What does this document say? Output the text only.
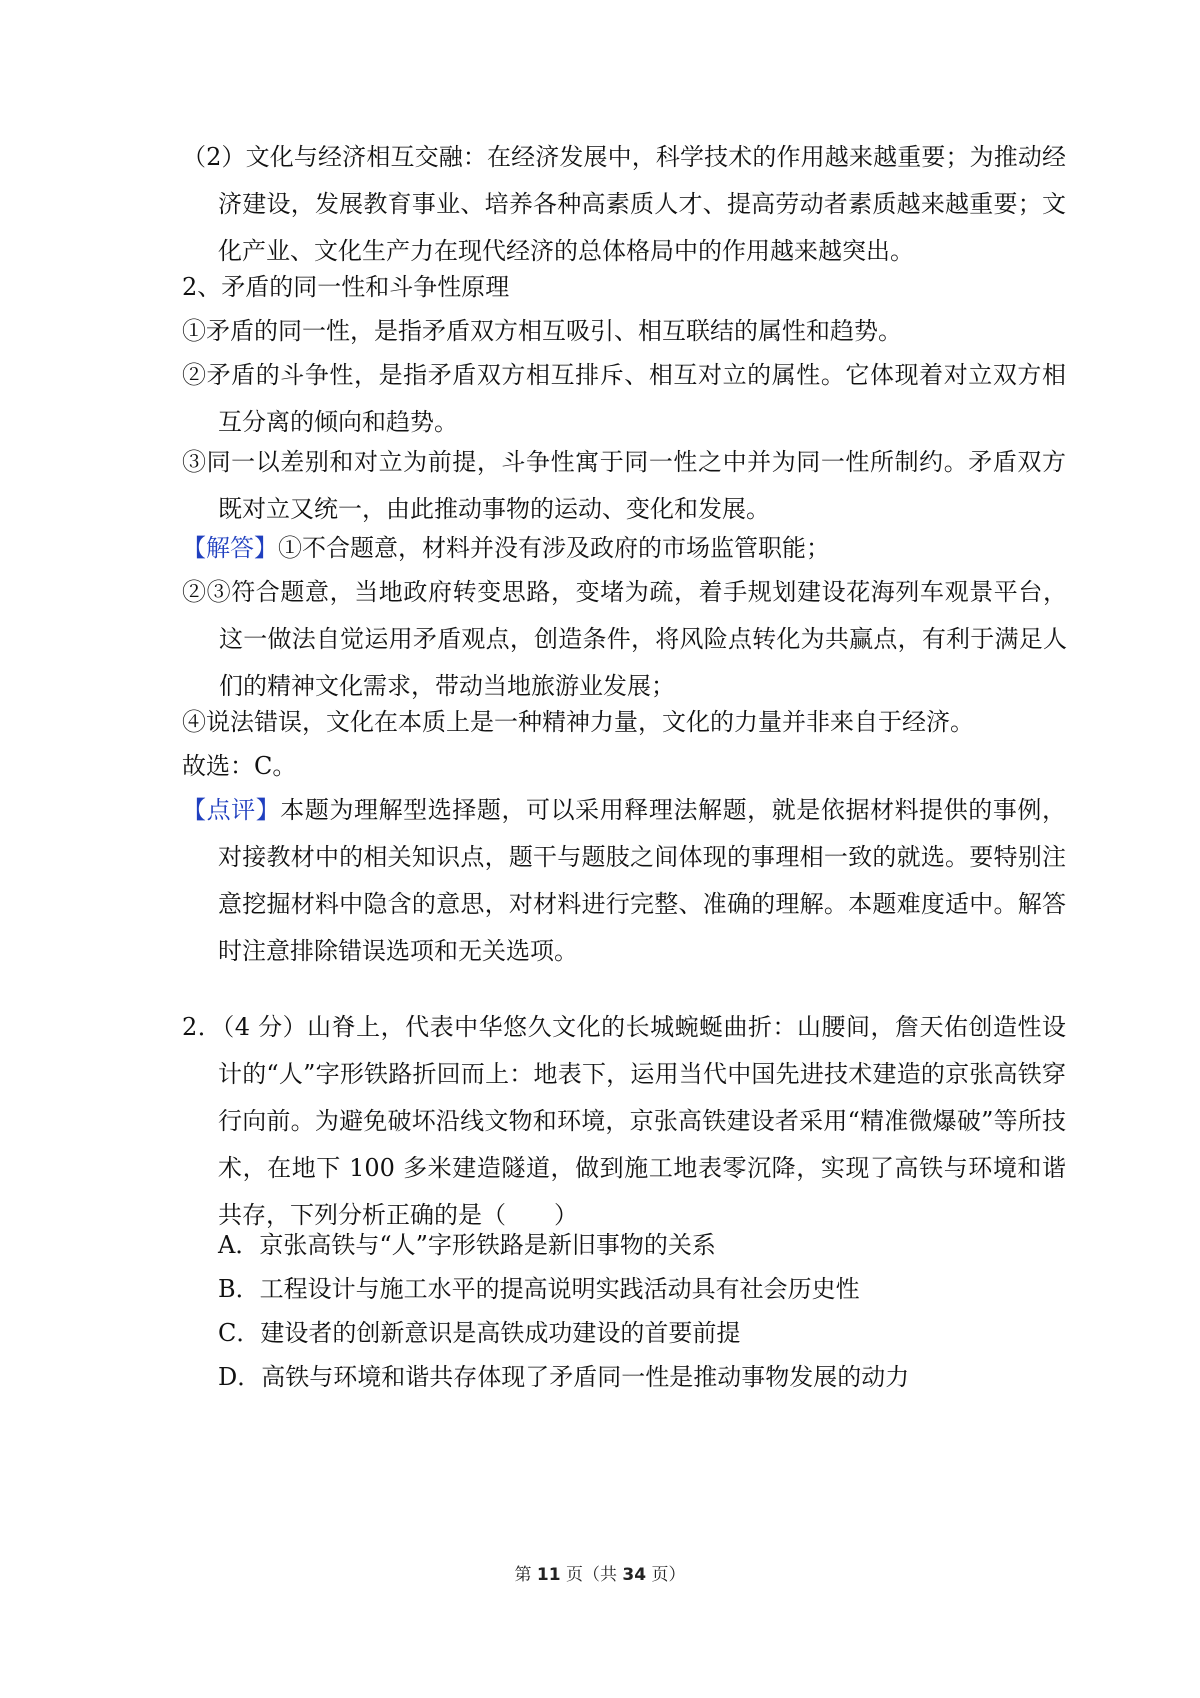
（2）文化与经济相互交融：在经济发展中，科学技术的作用越来越重要；为推动经济建设，发展教育事业、培养各种高素质人才、提高劳动者素质越来越重要；文化产业、文化生产力在现代经济的总体格局中的作用越来越突出。
2、矛盾的同一性和斗争性原理
①矛盾的同一性，是指矛盾双方相互吸引、相互联结的属性和趋势。
②矛盾的斗争性，是指矛盾双方相互排斥、相互对立的属性。它体现着对立双方相互分离的倾向和趋势。
③同一以差别和对立为前提，斗争性寓于同一性之中并为同一性所制约。矛盾双方既对立又统一，由此推动事物的运动、变化和发展。
【解答】①不合题意，材料并没有涉及政府的市场监管职能；
②③符合题意，当地政府转变思路，变堵为疏，着手规划建设花海列车观景平台，这一做法自觉运用矛盾观点，创造条件，将风险点转化为共赢点，有利于满足人们的精神文化需求，带动当地旅游业发展；
④说法错误，文化在本质上是一种精神力量，文化的力量并非来自于经济。
故选：C。
【点评】本题为理解型选择题，可以采用释理法解题，就是依据材料提供的事例，对接教材中的相关知识点，题干与题肢之间体现的事理相一致的就选。要特别注意挖掘材料中隐含的意思，对材料进行完整、准确的理解。本题难度适中。解答时注意排除错误选项和无关选项。
2．（4 分）山脊上，代表中华悠久文化的长城蜿蜒曲折：山腰间，詹天佑创造性设计的“人”字形铁路折回而上：地表下，运用当代中国先进技术建造的京张高铁穿行向前。为避免破坏沿线文物和环境，京张高铁建设者采用“精准微爆破”等所技术，在地下 100 多米建造隧道，做到施工地表零沉降，实现了高铁与环境和谐共存，下列分析正确的是（　　）
A．京张高铁与“人”字形铁路是新旧事物的关系
B．工程设计与施工水平的提高说明实践活动具有社会历史性
C．建设者的创新意识是高铁成功建设的首要前提
D．高铁与环境和谐共存体现了矛盾同一性是推动事物发展的动力
第 11 页（共 34 页）
